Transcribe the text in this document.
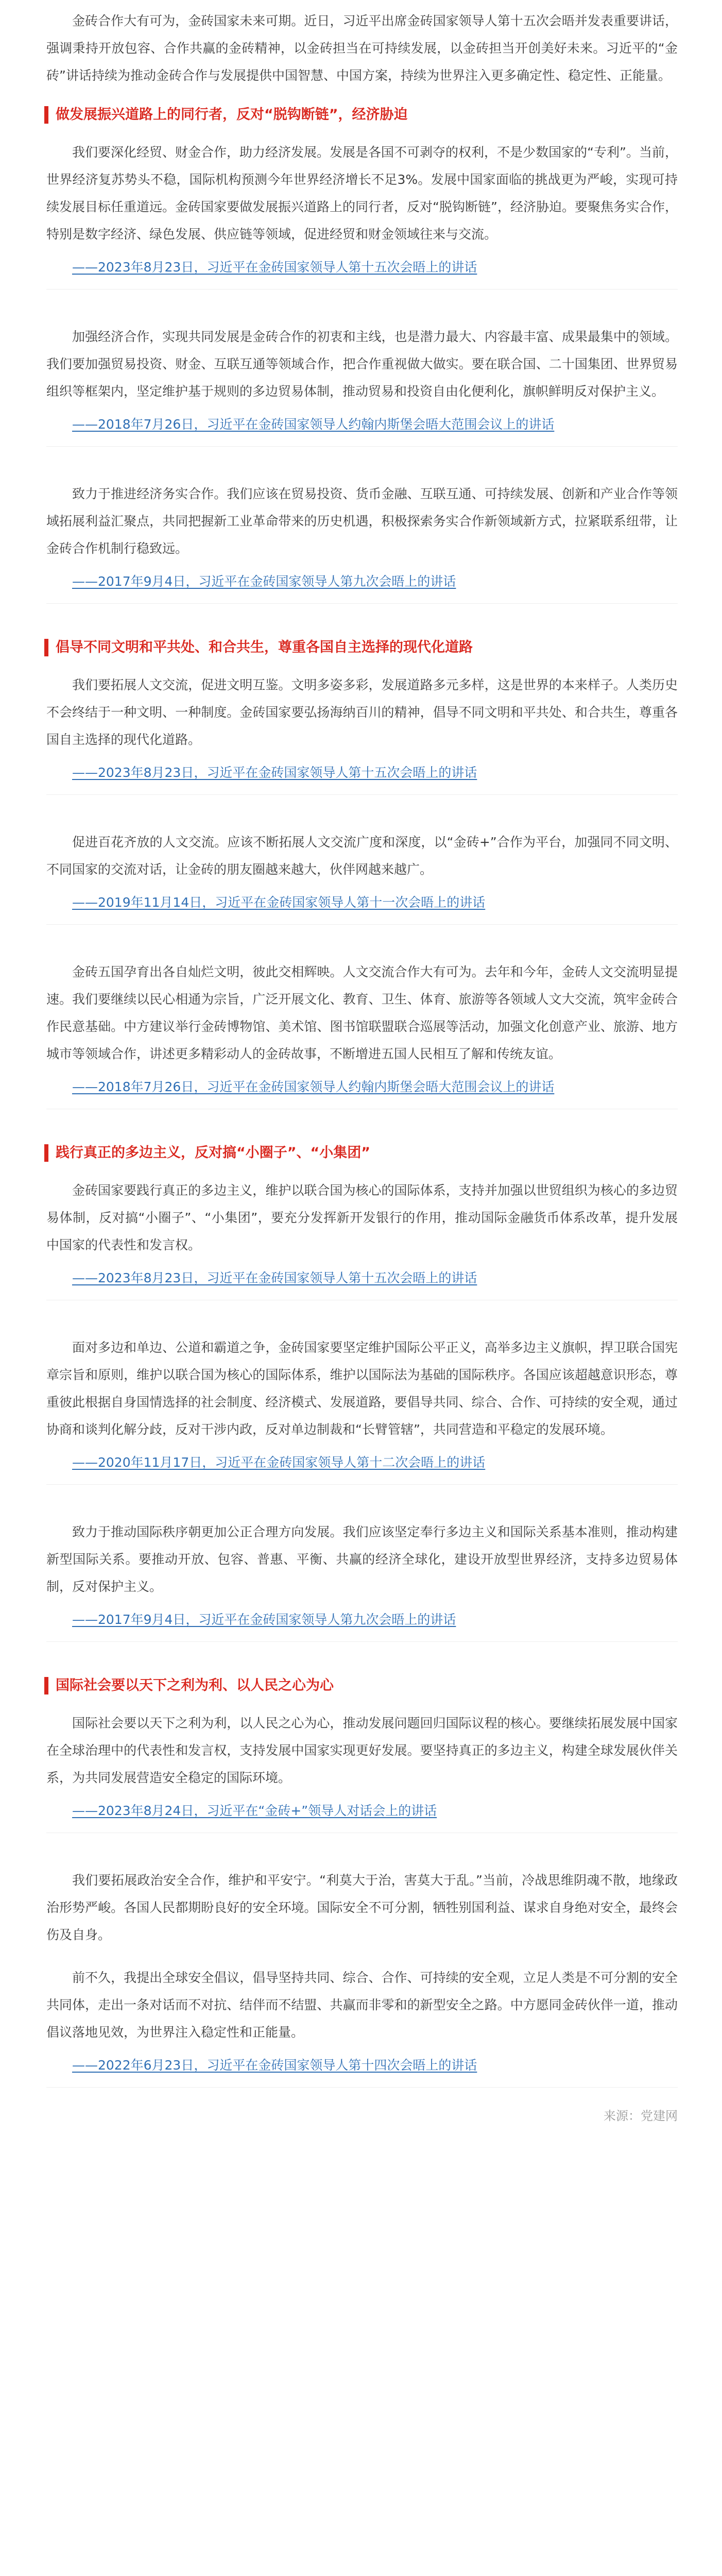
金砖合作大有可为，金砖国家未来可期。近日，习近平出席金砖国家领导人第十五次会晤并发表重要讲话，强调秉持开放包容、合作共赢的金砖精神，以金砖担当在可持续发展，以金砖担当开创美好未来。习近平的“金砖”讲话持续为推动金砖合作与发展提供中国智慧、中国方案，持续为世界注入更多确定性、稳定性、正能量。

做发展振兴道路上的同行者，反对“脱钩断链”，经济胁迫

我们要深化经贸、财金合作，助力经济发展。发展是各国不可剥夺的权利，不是少数国家的“专利”。当前，世界经济复苏势头不稳，国际机构预测今年世界经济增长不足3%。发展中国家面临的挑战更为严峻，实现可持续发展目标任重道远。金砖国家要做发展振兴道路上的同行者，反对“脱钩断链”，经济胁迫。要聚焦务实合作，特别是数字经济、绿色发展、供应链等领域，促进经贸和财金领域往来与交流。

——2023年8月23日，习近平在金砖国家领导人第十五次会晤上的讲话

加强经济合作，实现共同发展是金砖合作的初衷和主线，也是潜力最大、内容最丰富、成果最集中的领域。我们要加强贸易投资、财金、互联互通等领域合作，把合作重视做大做实。要在联合国、二十国集团、世界贸易组织等框架内，坚定维护基于规则的多边贸易体制，推动贸易和投资自由化便利化，旗帜鲜明反对保护主义。

——2018年7月26日，习近平在金砖国家领导人约翰内斯堡会晤大范围会议上的讲话

致力于推进经济务实合作。我们应该在贸易投资、货币金融、互联互通、可持续发展、创新和产业合作等领域拓展利益汇聚点，共同把握新工业革命带来的历史机遇，积极探索务实合作新领域新方式，拉紧联系纽带，让金砖合作机制行稳致远。

——2017年9月4日，习近平在金砖国家领导人第九次会晤上的讲话
倡导不同文明和平共处、和合共生，尊重各国自主选择的现代化道路

我们要拓展人文交流，促进文明互鉴。文明多姿多彩，发展道路多元多样，这是世界的本来样子。人类历史不会终结于一种文明、一种制度。金砖国家要弘扬海纳百川的精神，倡导不同文明和平共处、和合共生，尊重各国自主选择的现代化道路。

——2023年8月23日，习近平在金砖国家领导人第十五次会晤上的讲话

促进百花齐放的人文交流。应该不断拓展人文交流广度和深度，以“金砖+”合作为平台，加强同不同文明、不同国家的交流对话，让金砖的朋友圈越来越大，伙伴网越来越广。

——2019年11月14日，习近平在金砖国家领导人第十一次会晤上的讲话

金砖五国孕育出各自灿烂文明，彼此交相辉映。人文交流合作大有可为。去年和今年，金砖人文交流明显提速。我们要继续以民心相通为宗旨，广泛开展文化、教育、卫生、体育、旅游等各领域人文大交流，筑牢金砖合作民意基础。中方建议举行金砖博物馆、美术馆、图书馆联盟联合巡展等活动，加强文化创意产业、旅游、地方城市等领域合作，讲述更多精彩动人的金砖故事，不断增进五国人民相互了解和传统友谊。

——2018年7月26日，习近平在金砖国家领导人约翰内斯堡会晤大范围会议上的讲话
践行真正的多边主义，反对搞“小圈子”、“小集团”

金砖国家要践行真正的多边主义，维护以联合国为核心的国际体系，支持并加强以世贸组织为核心的多边贸易体制，反对搞“小圈子”、“小集团”，要充分发挥新开发银行的作用，推动国际金融货币体系改革，提升发展中国家的代表性和发言权。

——2023年8月23日，习近平在金砖国家领导人第十五次会晤上的讲话

面对多边和单边、公道和霸道之争，金砖国家要坚定维护国际公平正义，高举多边主义旗帜，捍卫联合国宪章宗旨和原则，维护以联合国为核心的国际体系，维护以国际法为基础的国际秩序。各国应该超越意识形态，尊重彼此根据自身国情选择的社会制度、经济模式、发展道路，要倡导共同、综合、合作、可持续的安全观，通过协商和谈判化解分歧，反对干涉内政，反对单边制裁和“长臂管辖”，共同营造和平稳定的发展环境。

——2020年11月17日，习近平在金砖国家领导人第十二次会晤上的讲话

致力于推动国际秩序朝更加公正合理方向发展。我们应该坚定奉行多边主义和国际关系基本准则，推动构建新型国际关系。要推动开放、包容、普惠、平衡、共赢的经济全球化，建设开放型世界经济，支持多边贸易体制，反对保护主义。

——2017年9月4日，习近平在金砖国家领导人第九次会晤上的讲话
国际社会要以天下之利为利、以人民之心为心

国际社会要以天下之利为利，以人民之心为心，推动发展问题回归国际议程的核心。要继续拓展发展中国家在全球治理中的代表性和发言权，支持发展中国家实现更好发展。要坚持真正的多边主义，构建全球发展伙伴关系，为共同发展营造安全稳定的国际环境。

——2023年8月24日，习近平在“金砖+”领导人对话会上的讲话

我们要拓展政治安全合作，维护和平安宁。“利莫大于治，害莫大于乱。”当前，冷战思维阴魂不散，地缘政治形势严峻。各国人民都期盼良好的安全环境。国际安全不可分割，牺牲别国利益、谋求自身绝对安全，最终会伤及自身。

前不久，我提出全球安全倡议，倡导坚持共同、综合、合作、可持续的安全观，立足人类是不可分割的安全共同体，走出一条对话而不对抗、结伴而不结盟、共赢而非零和的新型安全之路。中方愿同金砖伙伴一道，推动倡议落地见效，为世界注入稳定性和正能量。

——2022年6月23日，习近平在金砖国家领导人第十四次会晤上的讲话
来源：党建网
